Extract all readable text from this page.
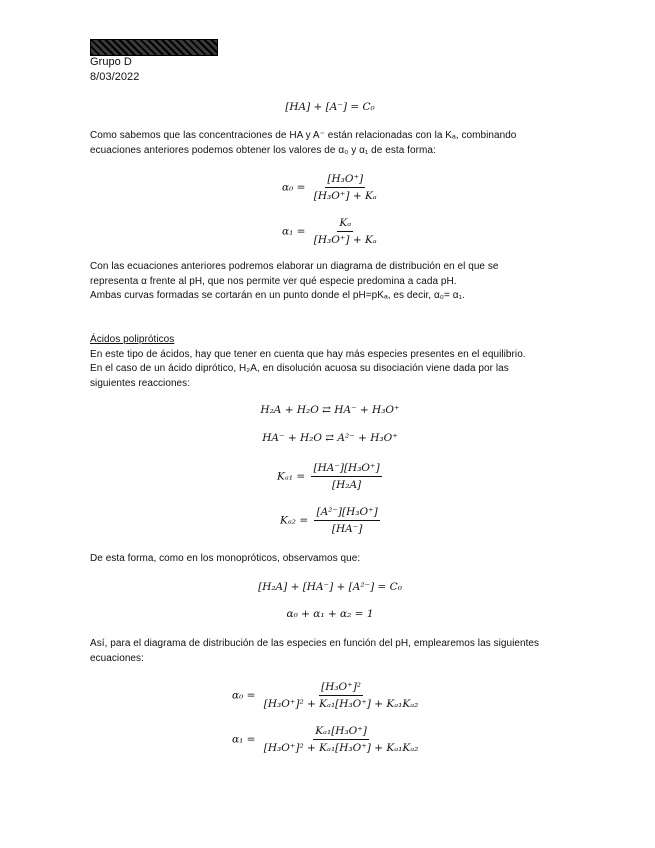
Grupo D
8/03/2022
[HA] + [A⁻] = C₀
Como sabemos que las concentraciones de HA y A⁻ están relacionadas con la Kₐ, combinando
ecuaciones anteriores podemos obtener los valores de α₀ y α₁ de esta forma:
$\alpha_0 = \frac{\text{[H₃O⁺]}}{\text{[H₃O⁺] + Kₐ}}$
$\alpha_1 = \frac{\text{Kₐ}}{\text{[H₃O⁺] + Kₐ}}$
Con las ecuaciones anteriores podremos elaborar un diagrama de distribución en el que se
representa α frente al pH, que nos permite ver qué especie predomina a cada pH.
Ambas curvas formadas se cortarán en un punto donde el pH=pKₐ, es decir, α₀= α₁.
Ácidos polipróticos
En este tipo de ácidos, hay que tener en cuenta que hay más especies presentes en el equilibrio.
En el caso de un ácido diprótico, H₂A, en disolución acuosa su disociación viene dada por las
siguientes reacciones:
H₂A + H₂O ⇄ HA⁻ + H₃O⁺
HA⁻ + H₂O ⇄ A²⁻ + H₃O⁺
$K_{a1} = \frac{\text{[HA⁻][H₃O⁺]}}{\text{[H₂A]}}$
$K_{a2} = \frac{\text{[A²⁻][H₃O⁺]}}{[HA^-]}$
De esta forma, como en los monopróticos, observamos que:
[H₂A] + [HA⁻] + [A²⁻] = C₀
α₀ + α₁ + α₂ = 1
Así, para el diagrama de distribución de las especies en función del pH, emplearemos las siguientes
ecuaciones:
$\alpha_0 = \frac{\text{[H₃O⁺]²}}{\text{[H₃O⁺]² + Kₐ₁[H₃O⁺] + Kₐ₁Kₐ₂}}$
$\alpha_1 = \frac{\text{Kₐ₁[H₃O⁺]}}{\text{[H₃O⁺]² + Kₐ₁[H₃O⁺] + Kₐ₁Kₐ₂}}$
